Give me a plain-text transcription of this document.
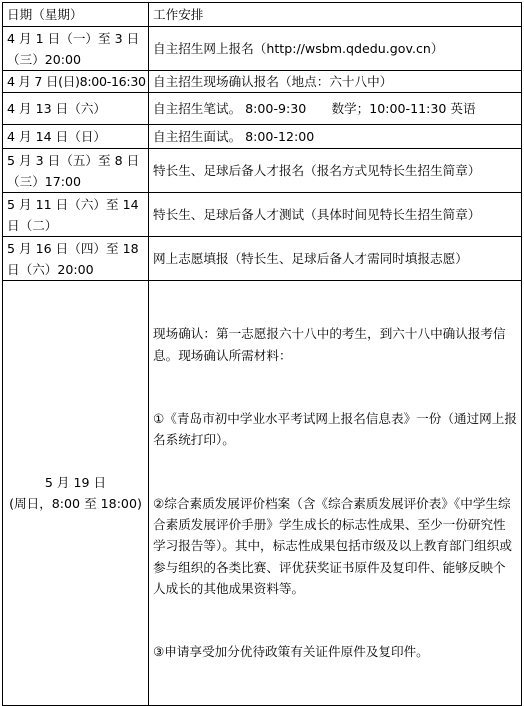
日期（星期）	工作安排
4 月 1 日（一）至 3 日（三）20:00	自主招生网上报名（http://wsbm.qdedu.gov.cn）
4 月 7 日(日)8:00-16:30	自主招生现场确认报名（地点：六十八中）
4 月 13 日（六）	自主招生笔试。 8:00-9:30　　数学；10:00-11:30 英语
4 月 14 日（日）	自主招生面试。 8:00-12:00
5 月 3 日（五）至 8 日（三）17:00	特长生、足球后备人才报名（报名方式见特长生招生简章）
5 月 11 日（六）至 14 日（二）	特长生、足球后备人才测试（具体时间见特长生招生简章）
5 月 16 日（四）至 18 日（六）20:00	网上志愿填报（特长生、足球后备人才需同时填报志愿）

5 月 19 日
(周日，8:00 至 18:00)	现场确认：第一志愿报六十八中的考生，到六十八中确认报考信息。现场确认所需材料：

①《青岛市初中学业水平考试网上报名信息表》一份（通过网上报名系统打印）。

②综合素质发展评价档案（含《综合素质发展评价表》《中学生综合素质发展评价手册》学生成长的标志性成果、至少一份研究性学习报告等）。其中，标志性成果包括市级及以上教育部门组织或参与组织的各类比赛、评优获奖证书原件及复印件、能够反映个人成长的其他成果资料等。

③申请享受加分优待政策有关证件原件及复印件。
